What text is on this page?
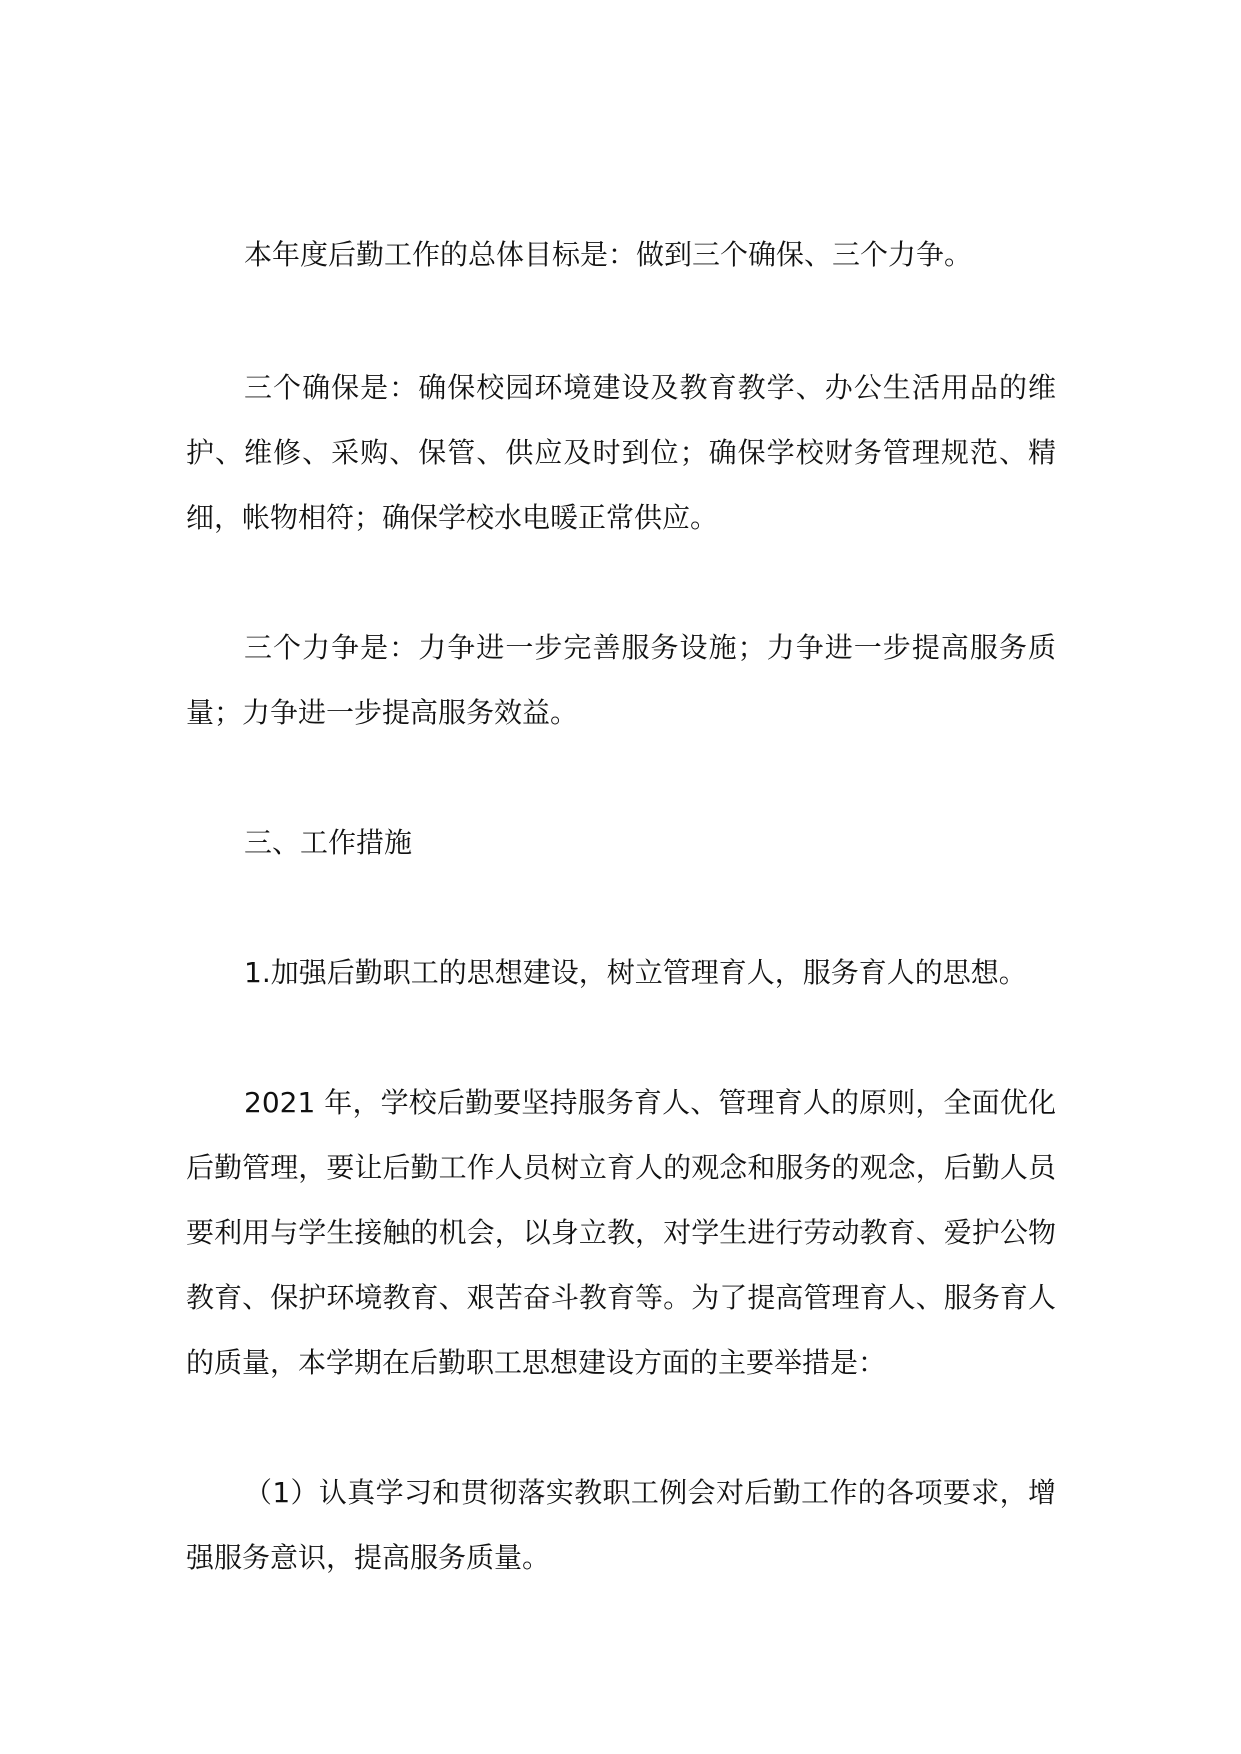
本年度后勤工作的总体目标是：做到三个确保、三个力争。

三个确保是：确保校园环境建设及教育教学、办公生活用品的维护、维修、采购、保管、供应及时到位；确保学校财务管理规范、精细，帐物相符；确保学校水电暖正常供应。

三个力争是：力争进一步完善服务设施；力争进一步提高服务质量；力争进一步提高服务效益。

三、工作措施

1.加强后勤职工的思想建设，树立管理育人，服务育人的思想。

2021 年，学校后勤要坚持服务育人、管理育人的原则，全面优化后勤管理，要让后勤工作人员树立育人的观念和服务的观念，后勤人员要利用与学生接触的机会，以身立教，对学生进行劳动教育、爱护公物教育、保护环境教育、艰苦奋斗教育等。为了提高管理育人、服务育人的质量，本学期在后勤职工思想建设方面的主要举措是：

（1）认真学习和贯彻落实教职工例会对后勤工作的各项要求，增强服务意识，提高服务质量。
